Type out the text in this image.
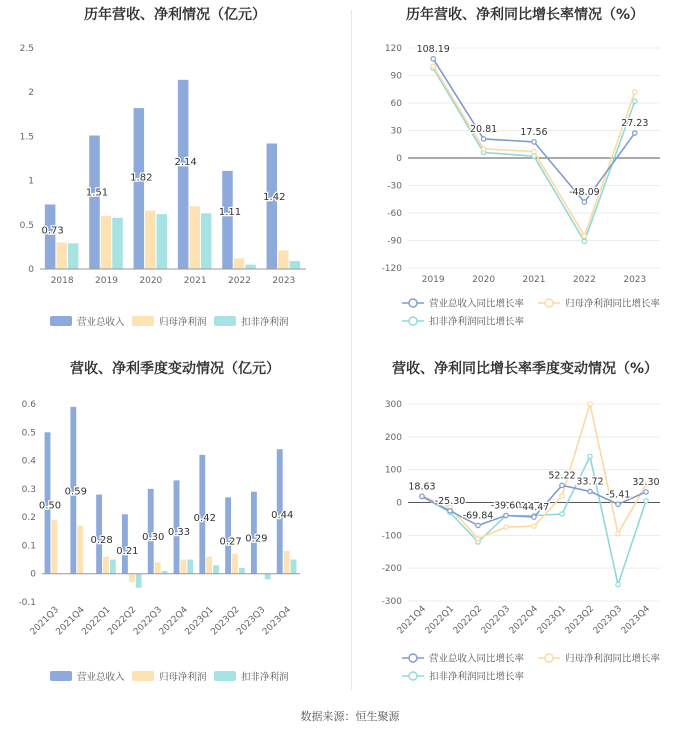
历年营收、净利情况（亿元）
0
0.5
1
1.5
2
2.5
0.73
2018
1.51
2019
1.82
2020
2.14
2021
1.11
2022
1.42
2023
营业总收入	归母净利润	扣非净利润
历年营收、净利同比增长率情况（%）
120
90
60
30
0
-30
-60
-90
-120
108.19
20.81 17.56
-48.09
27.23
2019	2020	2021	2022	2023
营业总收入同比增长率	归母净利润同比增长率
扣非净利润同比增长率
营收、净利季度变动情况（亿元）
0.6
0.5
0.4
0.3
0.2
0.1
0
-0.1
0.50
2021Q3
0.59
2021Q4
0.28
2022Q1
0.21
2022Q2
0.30
2022Q3
0.33
2022Q4
0.42
2023Q1
0.27
2023Q2
0.29
2023Q3
0.44
2023Q4
营业总收入	归母净利润	扣非净利润
营收、净利同比增长率季度变动情况（%）
300
200
100
0
-100
-200
-300
18.63
-25.30
-69.84
-39.60
-44.47
52.22
33.72
-5.41
32.30
2021Q4
2022Q1
2022Q2
2022Q3
2022Q4
2023Q1
2023Q2
2023Q3
2023Q4
营业总收入同比增长率	归母净利润同比增长率
扣非净利润同比增长率
数据来源：恒生聚源
